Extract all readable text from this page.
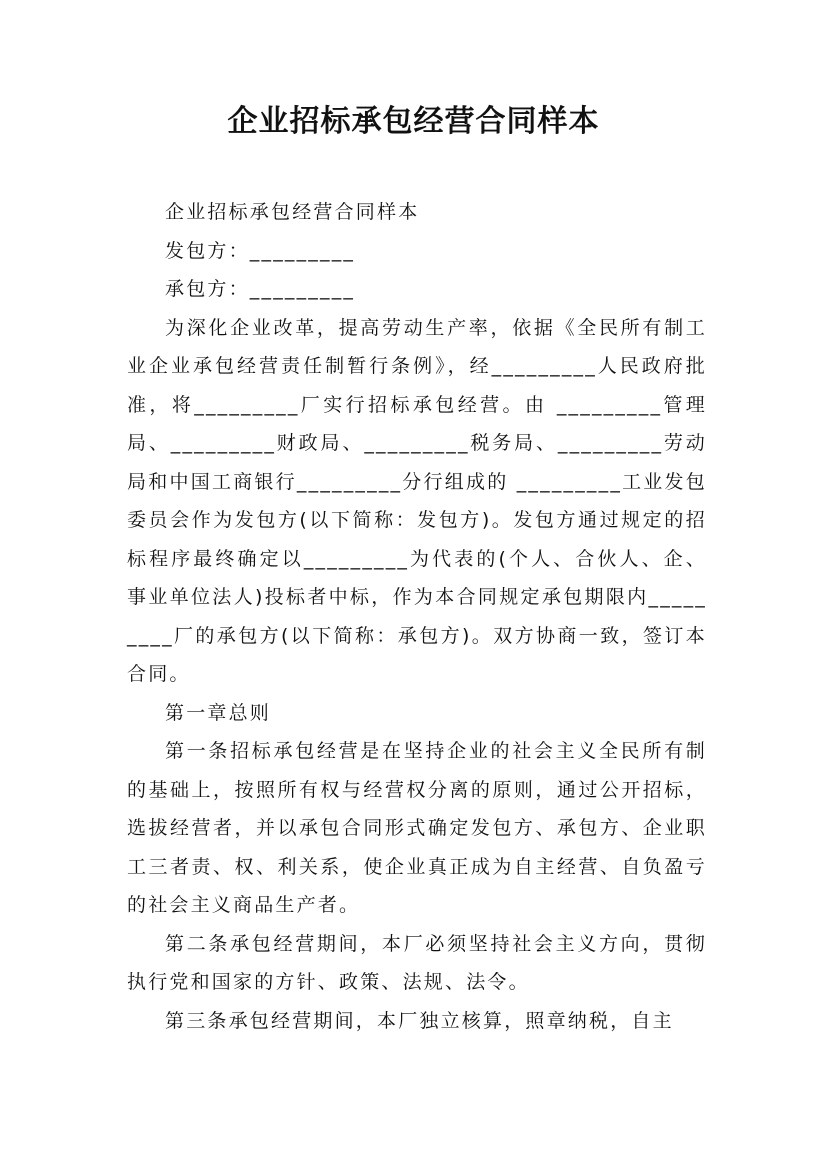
企业招标承包经营合同样本

企业招标承包经营合同样本

发包方：_________

承包方：_________

为深化企业改革，提高劳动生产率，依据《全民所有制工业企业承包经营责任制暂行条例》，经_________人民政府批准，将_________厂实行招标承包经营。由 _________管理局、_________财政局、_________税务局、_________劳动局和中国工商银行_________分行组成的 _________工业发包委员会作为发包方(以下简称：发包方)。发包方通过规定的招标程序最终确定以_________为代表的(个人、合伙人、企、事业单位法人)投标者中标，作为本合同规定承包期限内_________厂的承包方(以下简称：承包方)。双方协商一致，签订本合同。

第一章总则

第一条招标承包经营是在坚持企业的社会主义全民所有制的基础上，按照所有权与经营权分离的原则，通过公开招标，选拔经营者，并以承包合同形式确定发包方、承包方、企业职工三者责、权、利关系，使企业真正成为自主经营、自负盈亏的社会主义商品生产者。

第二条承包经营期间，本厂必须坚持社会主义方向，贯彻执行党和国家的方针、政策、法规、法令。

第三条承包经营期间，本厂独立核算，照章纳税，自主
